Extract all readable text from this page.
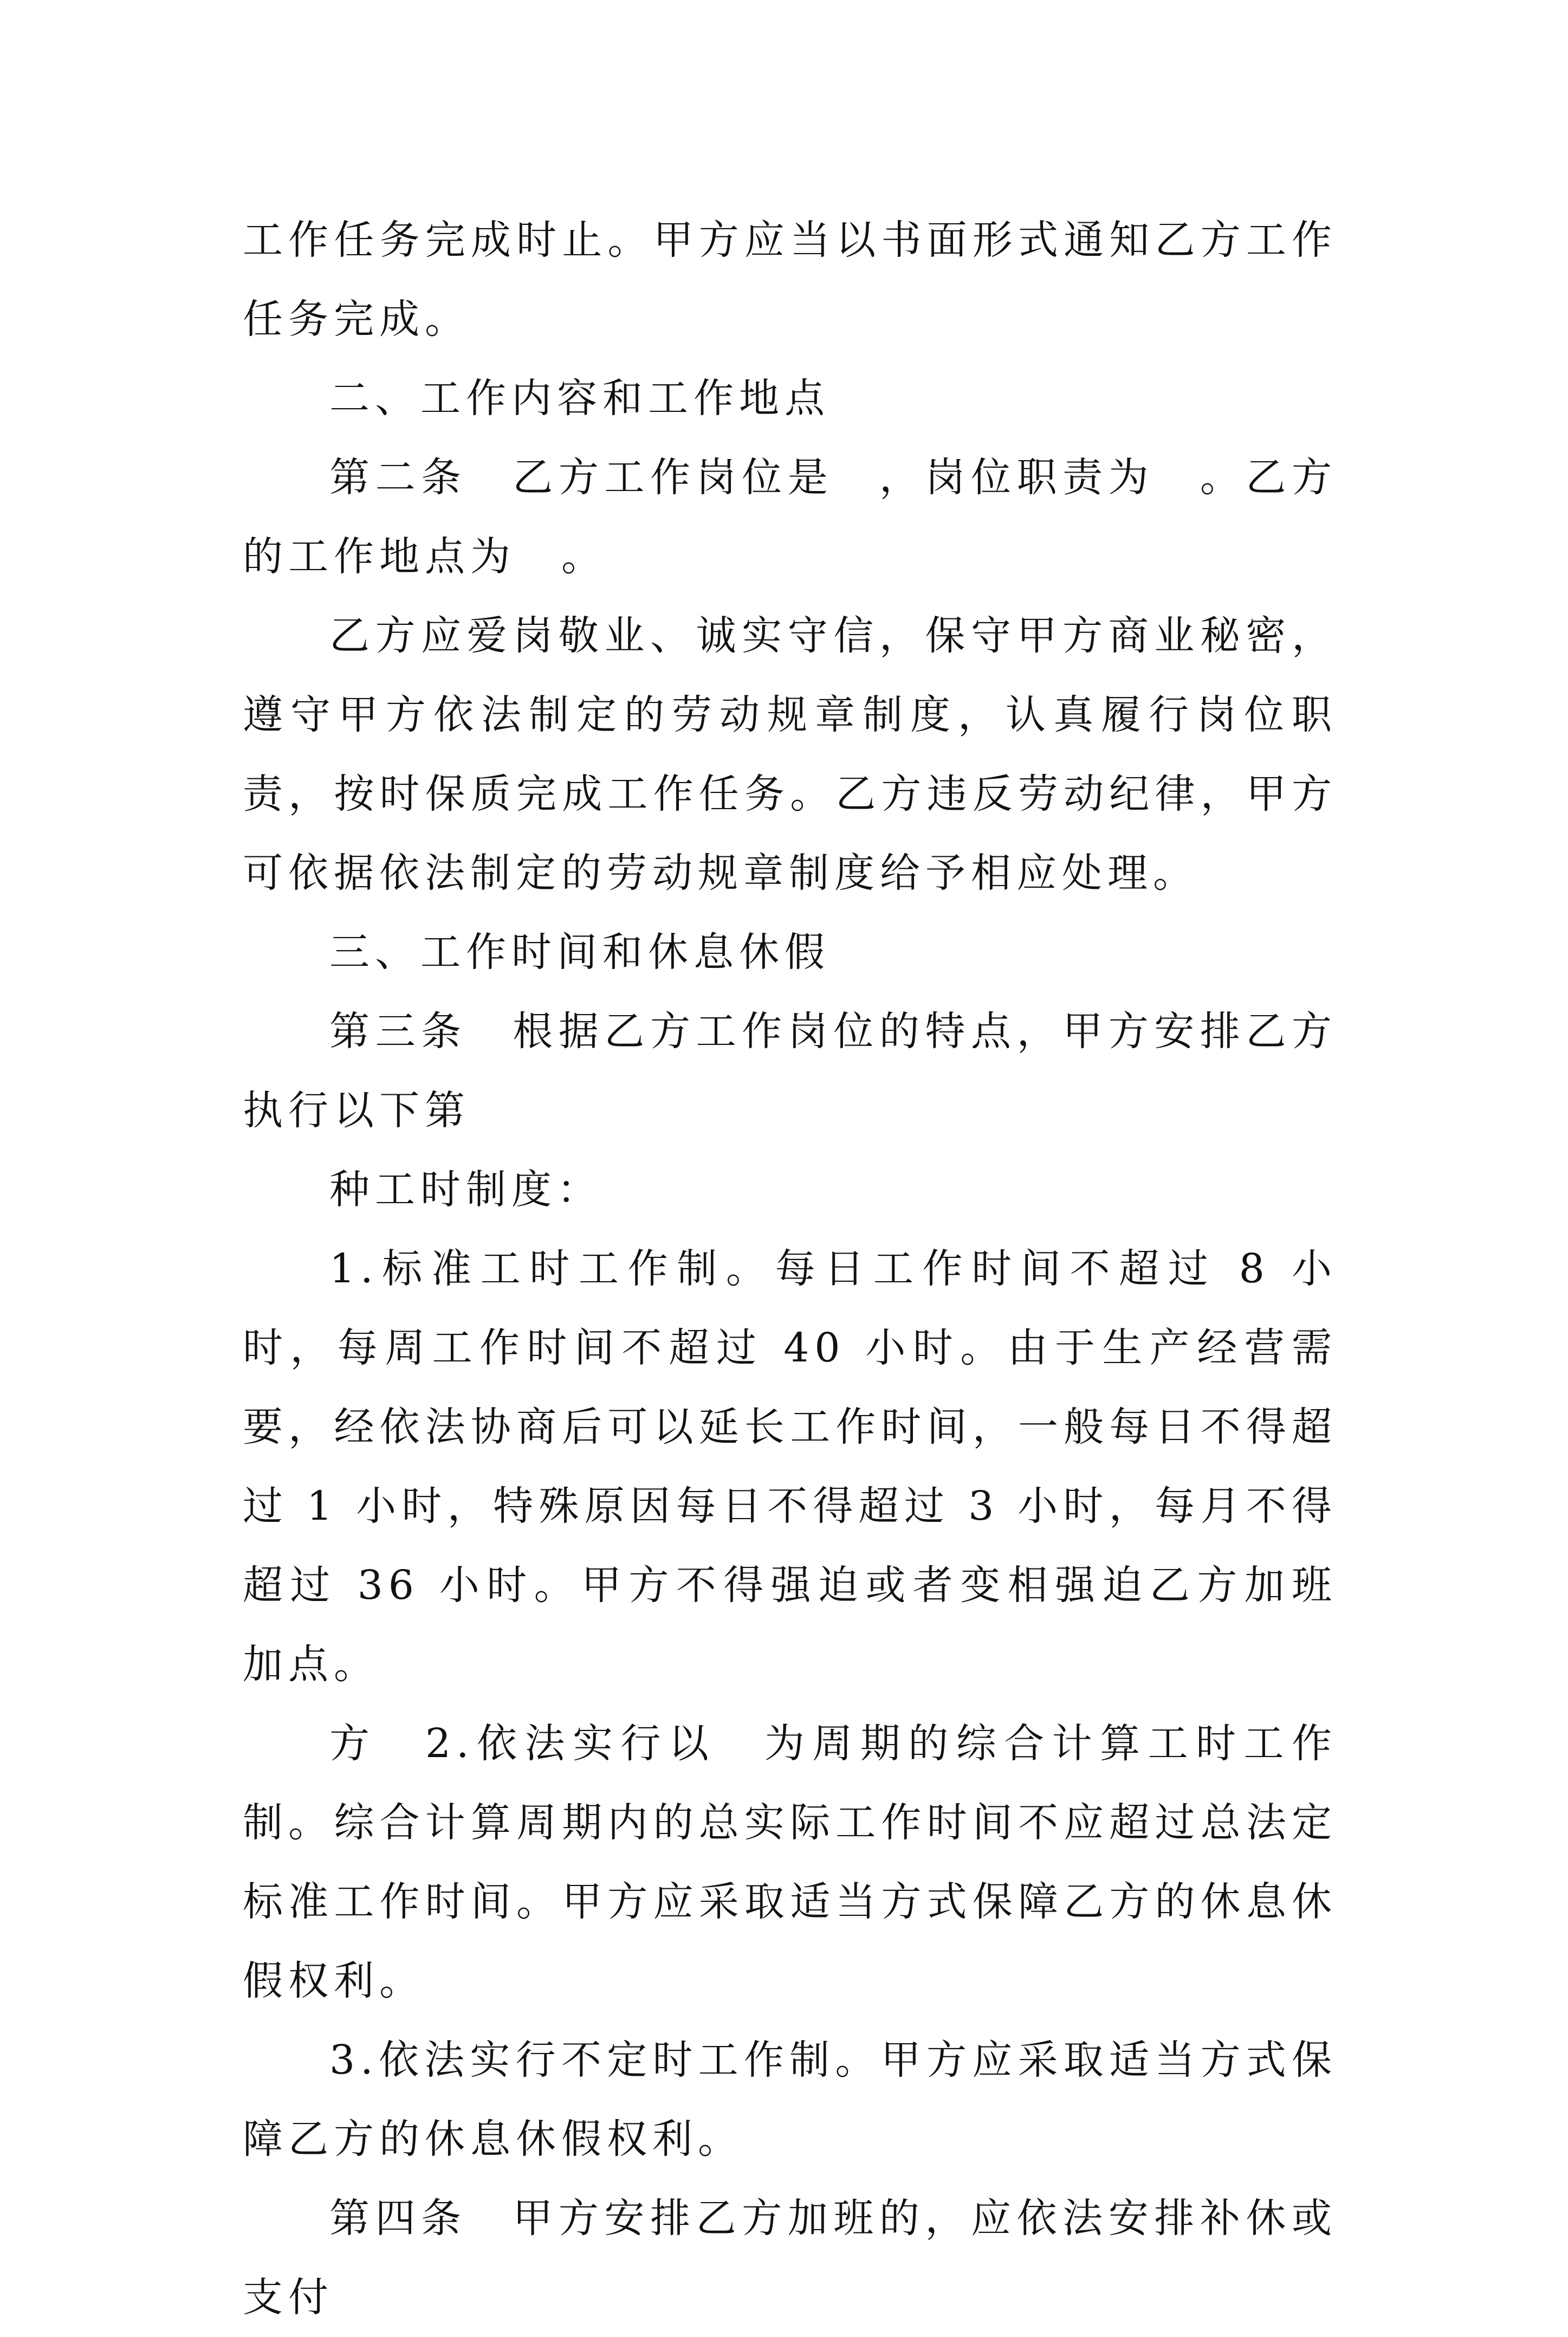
工作任务完成时止。甲方应当以书面形式通知乙方工作任务完成。

二、工作内容和工作地点

第二条　乙方工作岗位是　，岗位职责为　。乙方的工作地点为　。

乙方应爱岗敬业、诚实守信，保守甲方商业秘密，遵守甲方依法制定的劳动规章制度，认真履行岗位职责，按时保质完成工作任务。乙方违反劳动纪律，甲方可依据依法制定的劳动规章制度给予相应处理。

三、工作时间和休息休假

第三条　根据乙方工作岗位的特点，甲方安排乙方执行以下第

种工时制度：

1.标准工时工作制。每日工作时间不超过 8 小时，每周工作时间不超过 40 小时。由于生产经营需要，经依法协商后可以延长工作时间，一般每日不得超过 1 小时，特殊原因每日不得超过 3 小时，每月不得超过 36 小时。甲方不得强迫或者变相强迫乙方加班加点。

方　2.依法实行以　为周期的综合计算工时工作制。综合计算周期内的总实际工作时间不应超过总法定标准工作时间。甲方应采取适当方式保障乙方的休息休假权利。

3.依法实行不定时工作制。甲方应采取适当方式保障乙方的休息休假权利。

第四条　甲方安排乙方加班的，应依法安排补休或支付
